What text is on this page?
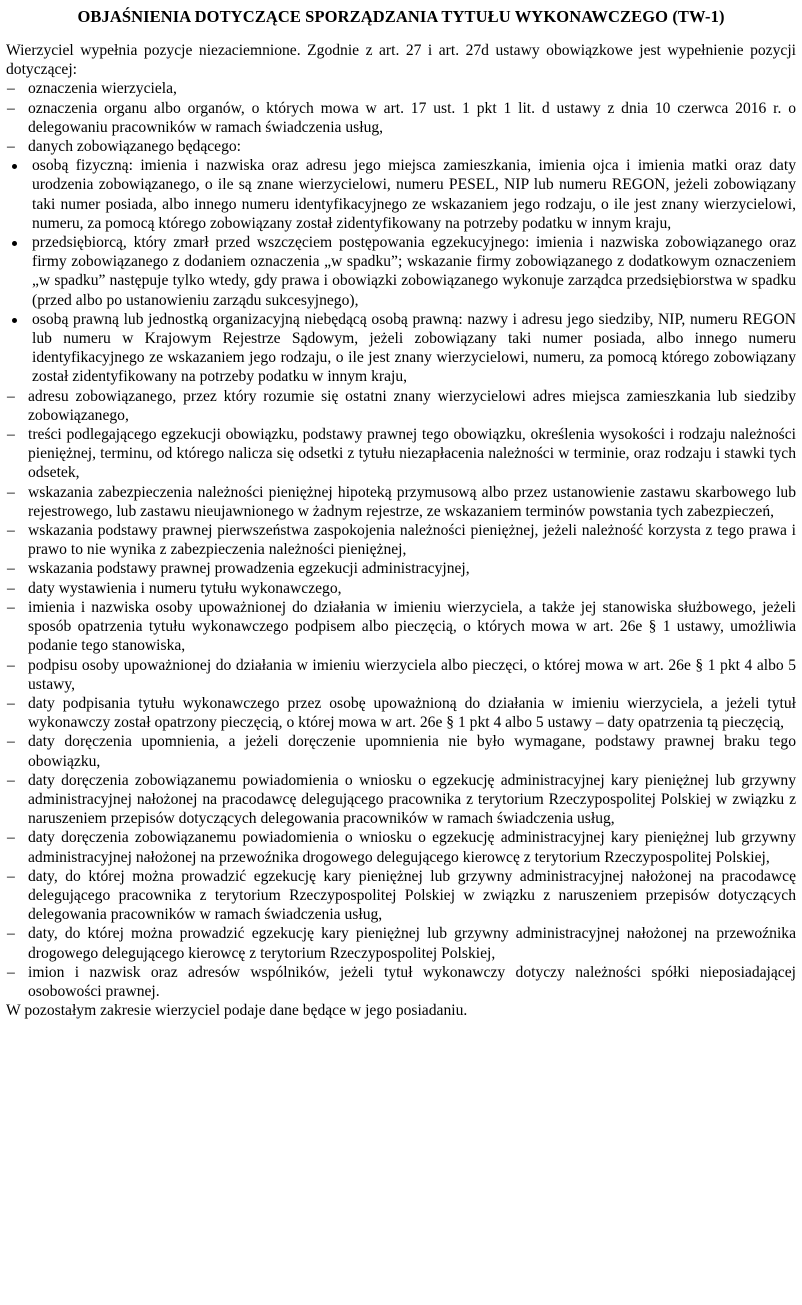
OBJAŚNIENIA DOTYCZĄCE SPORZĄDZANIA TYTUŁU WYKONAWCZEGO (TW-1)

Wierzyciel wypełnia pozycje niezaciemnione. Zgodnie z art. 27 i art. 27d ustawy obowiązkowe jest wypełnienie pozycji dotyczącej:

– oznaczenia wierzyciela,
– oznaczenia organu albo organów, o których mowa w art. 17 ust. 1 pkt 1 lit. d ustawy z dnia 10 czerwca 2016 r. o delegowaniu pracowników w ramach świadczenia usług,
– danych zobowiązanego będącego:
osobą fizyczną: imienia i nazwiska oraz adresu jego miejsca zamieszkania, imienia ojca i imienia matki oraz daty urodzenia zobowiązanego, o ile są znane wierzycielowi, numeru PESEL, NIP lub numeru REGON, jeżeli zobowiązany taki numer posiada, albo innego numeru identyfikacyjnego ze wskazaniem jego rodzaju, o ile jest znany wierzycielowi, numeru, za pomocą którego zobowiązany został zidentyfikowany na potrzeby podatku w innym kraju,
przedsiębiorcą, który zmarł przed wszczęciem postępowania egzekucyjnego: imienia i nazwiska zobowiązanego oraz firmy zobowiązanego z dodaniem oznaczenia „w spadku”; wskazanie firmy zobowiązanego z dodatkowym oznaczeniem „w spadku” następuje tylko wtedy, gdy prawa i obowiązki zobowiązanego wykonuje zarządca przedsiębiorstwa w spadku (przed albo po ustanowieniu zarządu sukcesyjnego),
osobą prawną lub jednostką organizacyjną niebędącą osobą prawną: nazwy i adresu jego siedziby, NIP, numeru REGON lub numeru w Krajowym Rejestrze Sądowym, jeżeli zobowiązany taki numer posiada, albo innego numeru identyfikacyjnego ze wskazaniem jego rodzaju, o ile jest znany wierzycielowi, numeru, za pomocą którego zobowiązany został zidentyfikowany na potrzeby podatku w innym kraju,
– adresu zobowiązanego, przez który rozumie się ostatni znany wierzycielowi adres miejsca zamieszkania lub siedziby zobowiązanego,
– treści podlegającego egzekucji obowiązku, podstawy prawnej tego obowiązku, określenia wysokości i rodzaju należności pieniężnej, terminu, od którego nalicza się odsetki z tytułu niezapłacenia należności w terminie, oraz rodzaju i stawki tych odsetek,
– wskazania zabezpieczenia należności pieniężnej hipoteką przymusową albo przez ustanowienie zastawu skarbowego lub rejestrowego, lub zastawu nieujawnionego w żadnym rejestrze, ze wskazaniem terminów powstania tych zabezpieczeń,
– wskazania podstawy prawnej pierwszeństwa zaspokojenia należności pieniężnej, jeżeli należność korzysta z tego prawa i prawo to nie wynika z zabezpieczenia należności pieniężnej,
– wskazania podstawy prawnej prowadzenia egzekucji administracyjnej,
– daty wystawienia i numeru tytułu wykonawczego,
– imienia i nazwiska osoby upoważnionej do działania w imieniu wierzyciela, a także jej stanowiska służbowego, jeżeli sposób opatrzenia tytułu wykonawczego podpisem albo pieczęcią, o których mowa w art. 26e § 1 ustawy, umożliwia podanie tego stanowiska,
– podpisu osoby upoważnionej do działania w imieniu wierzyciela albo pieczęci, o której mowa w art. 26e § 1 pkt 4 albo 5 ustawy,
– daty podpisania tytułu wykonawczego przez osobę upoważnioną do działania w imieniu wierzyciela, a jeżeli tytuł wykonawczy został opatrzony pieczęcią, o której mowa w art. 26e § 1 pkt 4 albo 5 ustawy – daty opatrzenia tą pieczęcią,
– daty doręczenia upomnienia, a jeżeli doręczenie upomnienia nie było wymagane, podstawy prawnej braku tego obowiązku,
– daty doręczenia zobowiązanemu powiadomienia o wniosku o egzekucję administracyjnej kary pieniężnej lub grzywny administracyjnej nałożonej na pracodawcę delegującego pracownika z terytorium Rzeczypospolitej Polskiej w związku z naruszeniem przepisów dotyczących delegowania pracowników w ramach świadczenia usług,
– daty doręczenia zobowiązanemu powiadomienia o wniosku o egzekucję administracyjnej kary pieniężnej lub grzywny administracyjnej nałożonej na przewoźnika drogowego delegującego kierowcę z terytorium Rzeczypospolitej Polskiej,
– daty, do której można prowadzić egzekucję kary pieniężnej lub grzywny administracyjnej nałożonej na pracodawcę delegującego pracownika z terytorium Rzeczypospolitej Polskiej w związku z naruszeniem przepisów dotyczących delegowania pracowników w ramach świadczenia usług,
– daty, do której można prowadzić egzekucję kary pieniężnej lub grzywny administracyjnej nałożonej na przewoźnika drogowego delegującego kierowcę z terytorium Rzeczypospolitej Polskiej,
– imion i nazwisk oraz adresów wspólników, jeżeli tytuł wykonawczy dotyczy należności spółki nieposiadającej osobowości prawnej.

W pozostałym zakresie wierzyciel podaje dane będące w jego posiadaniu.
